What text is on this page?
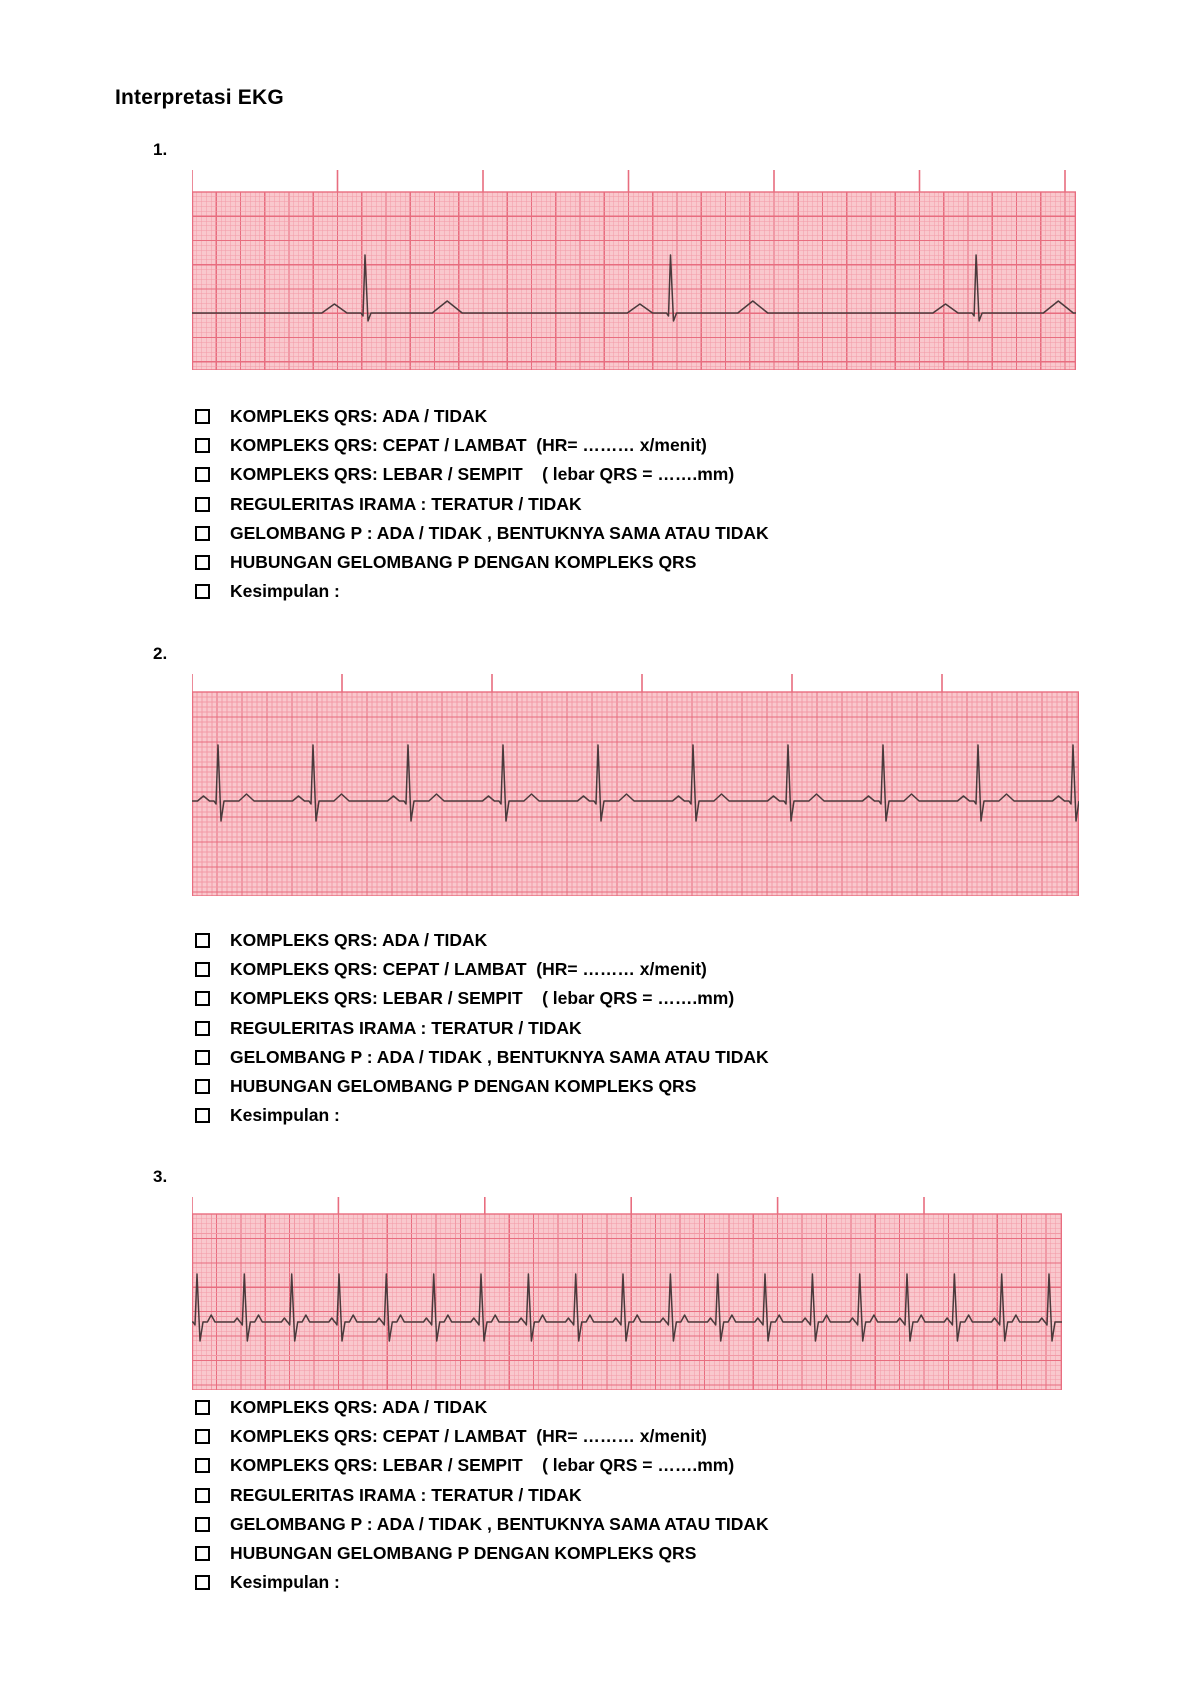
Interpretasi EKG
1.
KOMPLEKS QRS: ADA / TIDAK
KOMPLEKS QRS: CEPAT / LAMBAT  (HR= ……… x/menit)
KOMPLEKS QRS: LEBAR / SEMPIT    ( lebar QRS = …….mm)
REGULERITAS IRAMA : TERATUR / TIDAK
GELOMBANG P : ADA / TIDAK , BENTUKNYA SAMA ATAU TIDAK
HUBUNGAN GELOMBANG P DENGAN KOMPLEKS QRS
Kesimpulan :
2.
KOMPLEKS QRS: ADA / TIDAK
KOMPLEKS QRS: CEPAT / LAMBAT  (HR= ……… x/menit)
KOMPLEKS QRS: LEBAR / SEMPIT    ( lebar QRS = …….mm)
REGULERITAS IRAMA : TERATUR / TIDAK
GELOMBANG P : ADA / TIDAK , BENTUKNYA SAMA ATAU TIDAK
HUBUNGAN GELOMBANG P DENGAN KOMPLEKS QRS
Kesimpulan :
3.
KOMPLEKS QRS: ADA / TIDAK
KOMPLEKS QRS: CEPAT / LAMBAT  (HR= ……… x/menit)
KOMPLEKS QRS: LEBAR / SEMPIT    ( lebar QRS = …….mm)
REGULERITAS IRAMA : TERATUR / TIDAK
GELOMBANG P : ADA / TIDAK , BENTUKNYA SAMA ATAU TIDAK
HUBUNGAN GELOMBANG P DENGAN KOMPLEKS QRS
Kesimpulan :
